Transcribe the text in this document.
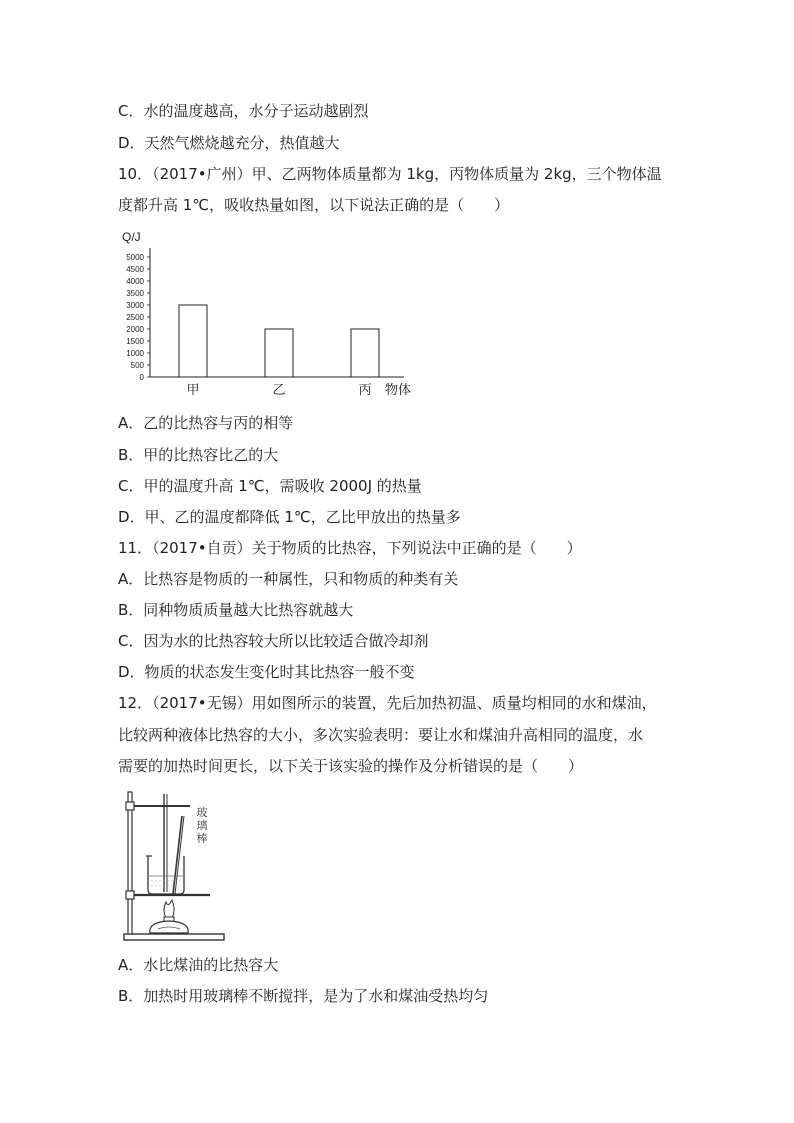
C．水的温度越高，水分子运动越剧烈
D．天然气燃烧越充分，热值越大
10．（2017•广州）甲、乙两物体质量都为 1kg，丙物体质量为 2kg，三个物体温
度都升高 1℃，吸收热量如图，以下说法正确的是（　　）
Q/J
0
500
1000
1500
2000
2500
3000
3500
4000
4500
5000
甲	乙	丙 物体
A．乙的比热容与丙的相等
B．甲的比热容比乙的大
C．甲的温度升高 1℃，需吸收 2000J 的热量
D．甲、乙的温度都降低 1℃，乙比甲放出的热量多
11．（2017•自贡）关于物质的比热容，下列说法中正确的是（　　）
A．比热容是物质的一种属性，只和物质的种类有关
B．同种物质质量越大比热容就越大
C．因为水的比热容较大所以比较适合做冷却剂
D．物质的状态发生变化时其比热容一般不变
12．（2017•无锡）用如图所示的装置，先后加热初温、质量均相同的水和煤油，
比较两种液体比热容的大小，多次实验表明：要让水和煤油升高相同的温度，水
需要的加热时间更长，以下关于该实验的操作及分析错误的是（　　）
玻璃棒
A．水比煤油的比热容大
B．加热时用玻璃棒不断搅拌，是为了水和煤油受热均匀
